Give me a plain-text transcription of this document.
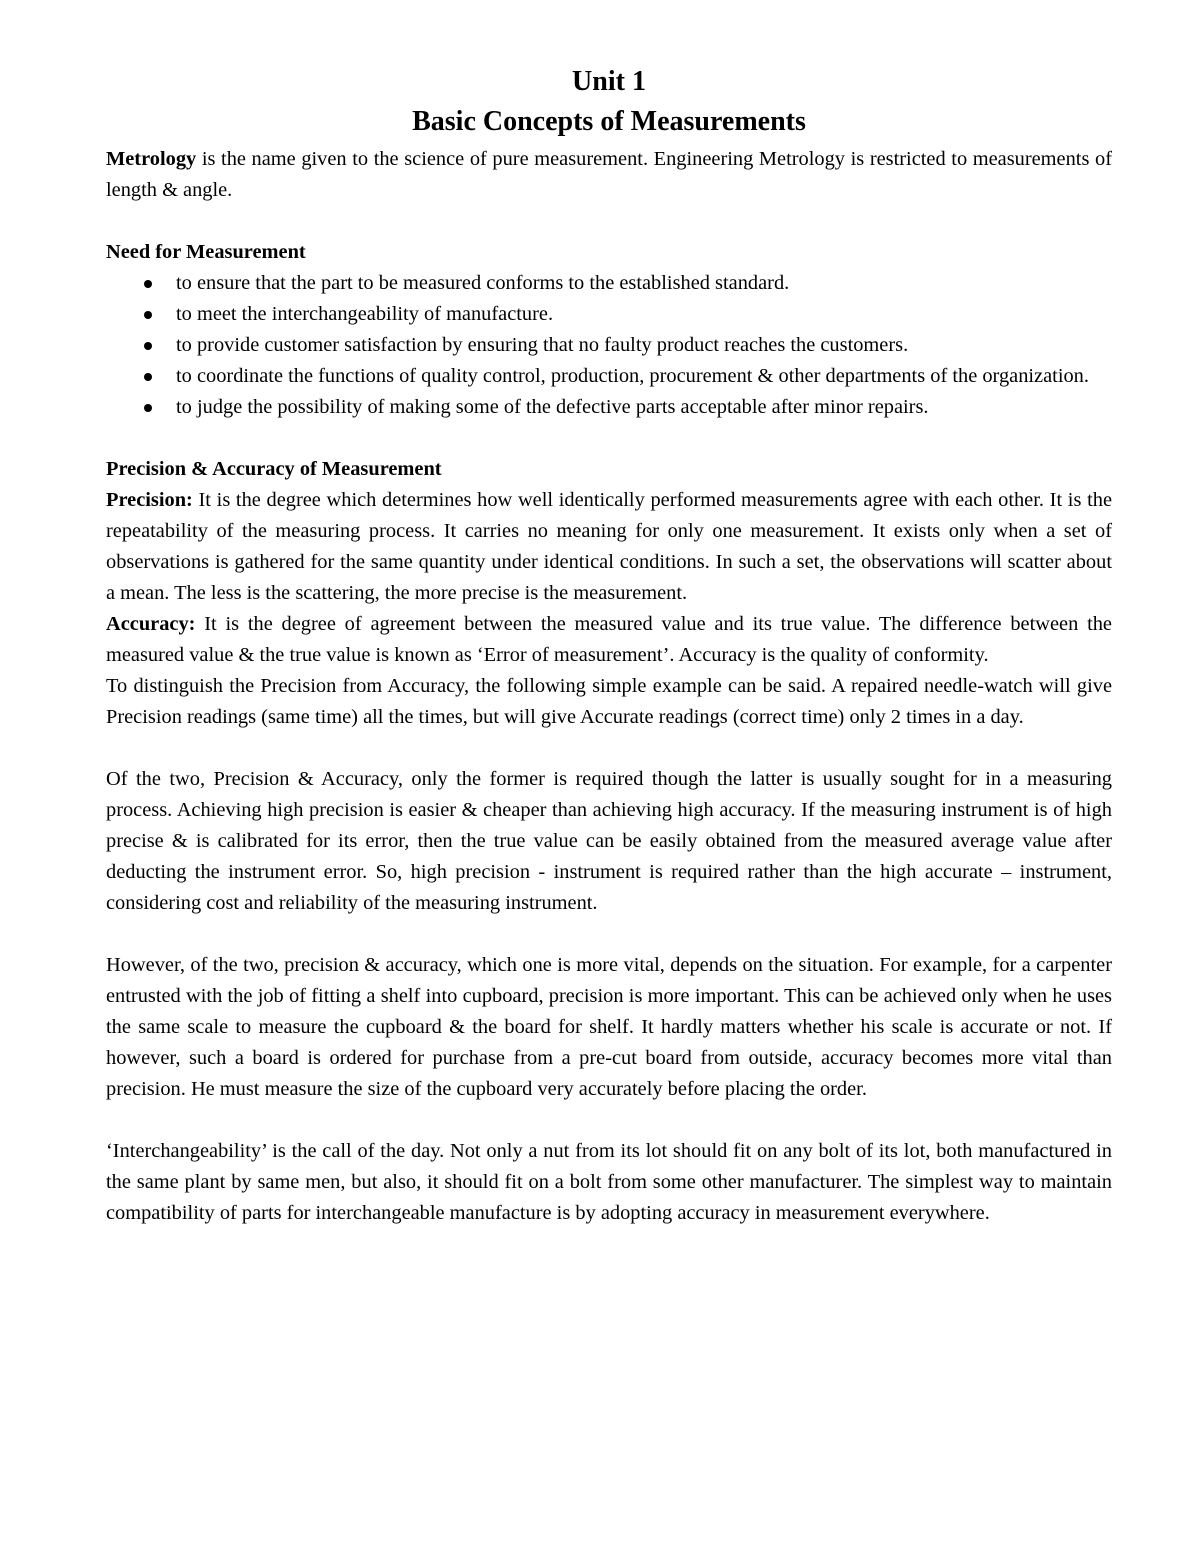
Unit 1
Basic Concepts of Measurements

Metrology is the name given to the science of pure measurement. Engineering Metrology is restricted to measurements of length & angle.

Need for Measurement

to ensure that the part to be measured conforms to the established standard.
to meet the interchangeability of manufacture.
to provide customer satisfaction by ensuring that no faulty product reaches the customers.
to coordinate the functions of quality control, production, procurement & other departments of the organization.
to judge the possibility of making some of the defective parts acceptable after minor repairs.

Precision & Accuracy of Measurement

Precision: It is the degree which determines how well identically performed measurements agree with each other. It is the repeatability of the measuring process. It carries no meaning for only one measurement. It exists only when a set of observations is gathered for the same quantity under identical conditions. In such a set, the observations will scatter about a mean. The less is the scattering, the more precise is the measurement.

Accuracy: It is the degree of agreement between the measured value and its true value. The difference between the measured value & the true value is known as ‘Error of measurement’. Accuracy is the quality of conformity.

To distinguish the Precision from Accuracy, the following simple example can be said. A repaired needle-watch will give Precision readings (same time) all the times, but will give Accurate readings (correct time) only 2 times in a day.

Of the two, Precision & Accuracy, only the former is required though the latter is usually sought for in a measuring process. Achieving high precision is easier & cheaper than achieving high accuracy. If the measuring instrument is of high precise & is calibrated for its error, then the true value can be easily obtained from the measured average value after deducting the instrument error. So, high precision - instrument is required rather than the high accurate – instrument, considering cost and reliability of the measuring instrument.

However, of the two, precision & accuracy, which one is more vital, depends on the situation. For example, for a carpenter entrusted with the job of fitting a shelf into cupboard, precision is more important. This can be achieved only when he uses the same scale to measure the cupboard & the board for shelf. It hardly matters whether his scale is accurate or not. If however, such a board is ordered for purchase from a pre-cut board from outside, accuracy becomes more vital than precision. He must measure the size of the cupboard very accurately before placing the order.

‘Interchangeability’ is the call of the day. Not only a nut from its lot should fit on any bolt of its lot, both manufactured in the same plant by same men, but also, it should fit on a bolt from some other manufacturer. The simplest way to maintain compatibility of parts for interchangeable manufacture is by adopting accuracy in measurement everywhere.
